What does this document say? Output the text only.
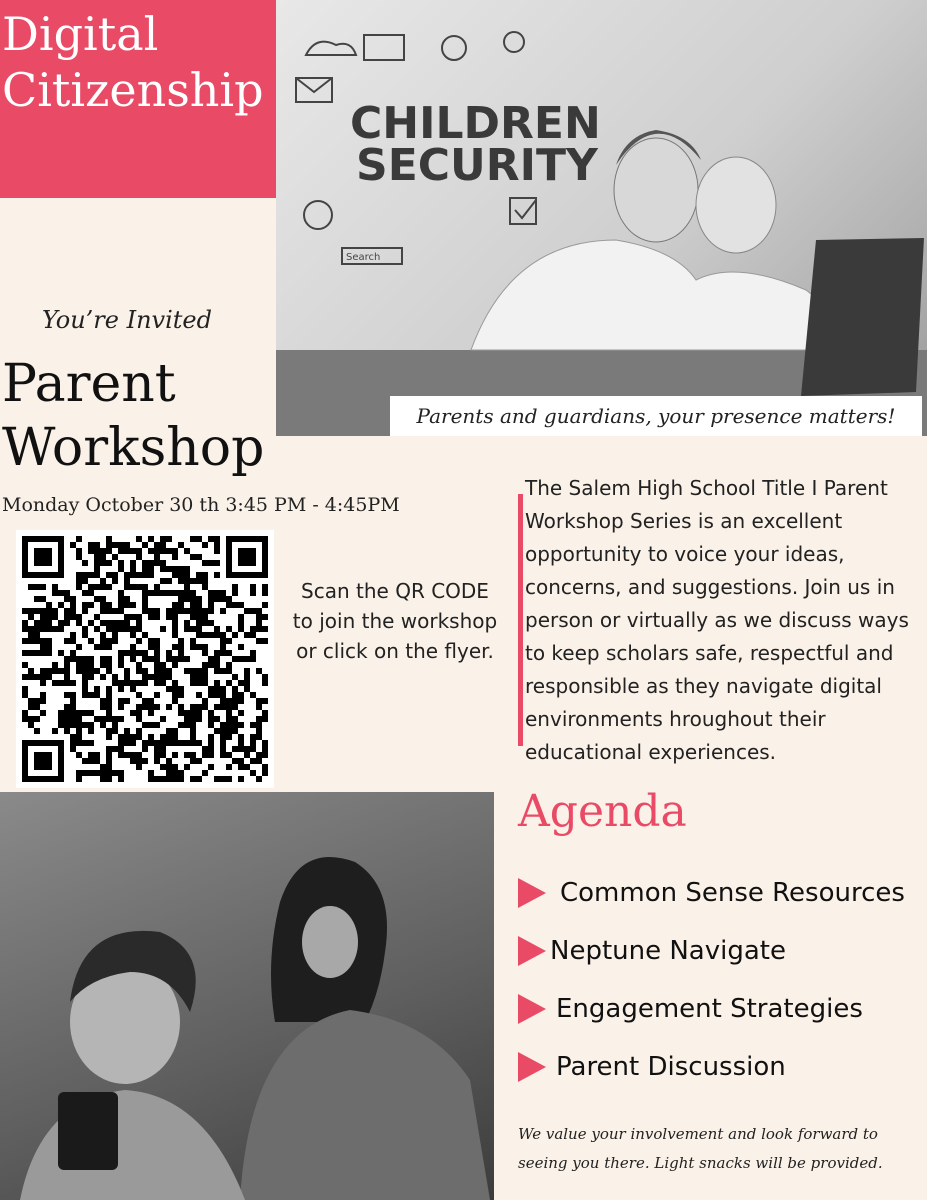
Digital Citizenship
CHILDREN
SECURITY
Search
Parents and guardians, your presence matters!
You’re Invited
Parent
Workshop
Monday October 30 th 3:45 PM - 4:45PM
Scan the QR CODE to join the workshop or click on the flyer.
The Salem High School Title I Parent Workshop Series is an excellent opportunity to voice your ideas, concerns, and suggestions. Join us in person or virtually as we discuss ways to keep scholars safe, respectful and responsible as they navigate digital environments hroughout their educational experiences.
Agenda
Common Sense Resources
Neptune Navigate
Engagement Strategies
Parent Discussion
We value your involvement and look forward to seeing you there. Light snacks will be provided.
